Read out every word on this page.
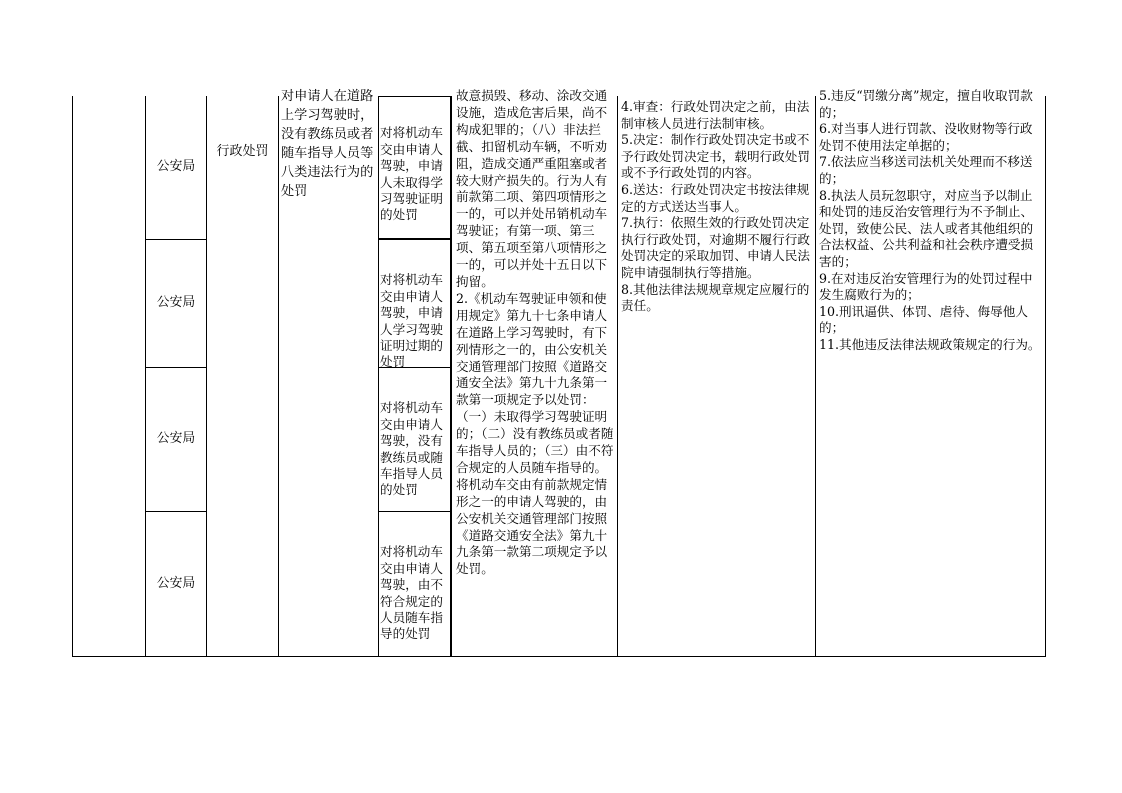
公安局
公安局
公安局
公安局
行政处罚
对申请人在道路上学习驾驶时，没有教练员或者随车指导人员等八类违法行为的处罚

对将机动车交由申请人驾驶，申请人未取得学习驾驶证明的处罚

对将机动车交由申请人驾驶，申请人学习驾驶证明过期的处罚

对将机动车交由申请人驾驶，没有教练员或随车指导人员的处罚

对将机动车交由申请人驾驶，由不符合规定的人员随车指导的处罚

故意损毁、移动、涂改交通设施，造成危害后果，尚不构成犯罪的；（八）非法拦截、扣留机动车辆，不听劝阻，造成交通严重阻塞或者较大财产损失的。行为人有前款第二项、第四项情形之一的，可以并处吊销机动车驾驶证；有第一项、第三项、第五项至第八项情形之一的，可以并处十五日以下拘留。
2.《机动车驾驶证申领和使用规定》第九十七条申请人在道路上学习驾驶时，有下列情形之一的，由公安机关交通管理部门按照《道路交通安全法》第九十九条第一款第一项规定予以处罚：（一）未取得学习驾驶证明的；（二）没有教练员或者随车指导人员的；（三）由不符合规定的人员随车指导的。将机动车交由有前款规定情形之一的申请人驾驶的，由公安机关交通管理部门按照《道路交通安全法》第九十九条第一款第二项规定予以处罚。
4.审查：行政处罚决定之前，由法制审核人员进行法制审核。
5.决定：制作行政处罚决定书或不予行政处罚决定书，载明行政处罚或不予行政处罚的内容。
6.送达：行政处罚决定书按法律规定的方式送达当事人。
7.执行：依照生效的行政处罚决定执行行政处罚，对逾期不履行行政处罚决定的采取加罚、申请人民法院申请强制执行等措施。
8.其他法律法规规章规定应履行的责任。
5.违反“罚缴分离”规定，擅自收取罚款的；
6.对当事人进行罚款、没收财物等行政处罚不使用法定单据的；
7.依法应当移送司法机关处理而不移送的；
8.执法人员玩忽职守，对应当予以制止和处罚的违反治安管理行为不予制止、处罚，致使公民、法人或者其他组织的合法权益、公共利益和社会秩序遭受损害的；
9.在对违反治安管理行为的处罚过程中发生腐败行为的；
10.刑讯逼供、体罚、虐待、侮辱他人的；
11.其他违反法律法规政策规定的行为。
